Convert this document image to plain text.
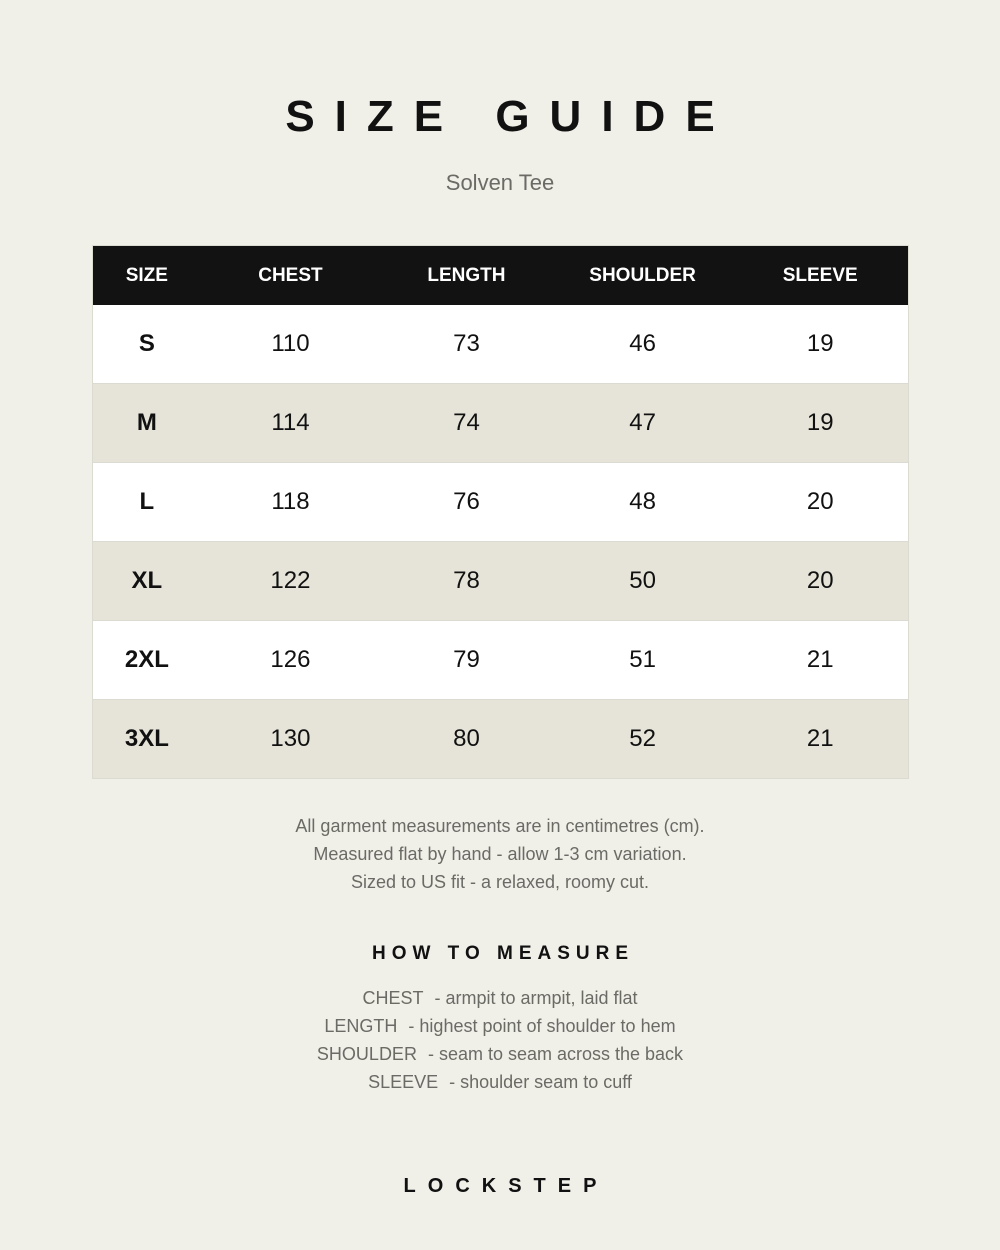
SIZE GUIDE
Solven Tee
SIZE	CHEST	LENGTH	SHOULDER	SLEEVE
S	110	73	46	19
M	114	74	47	19
L	118	76	48	20
XL	122	78	50	20
2XL	126	79	51	21
3XL	130	80	52	21
All garment measurements are in centimetres (cm).
Measured flat by hand - allow 1-3 cm variation.
Sized to US fit - a relaxed, roomy cut.
HOW TO MEASURE
CHEST - armpit to armpit, laid flat
LENGTH - highest point of shoulder to hem
SHOULDER - seam to seam across the back
SLEEVE - shoulder seam to cuff
LOCKSTEP
